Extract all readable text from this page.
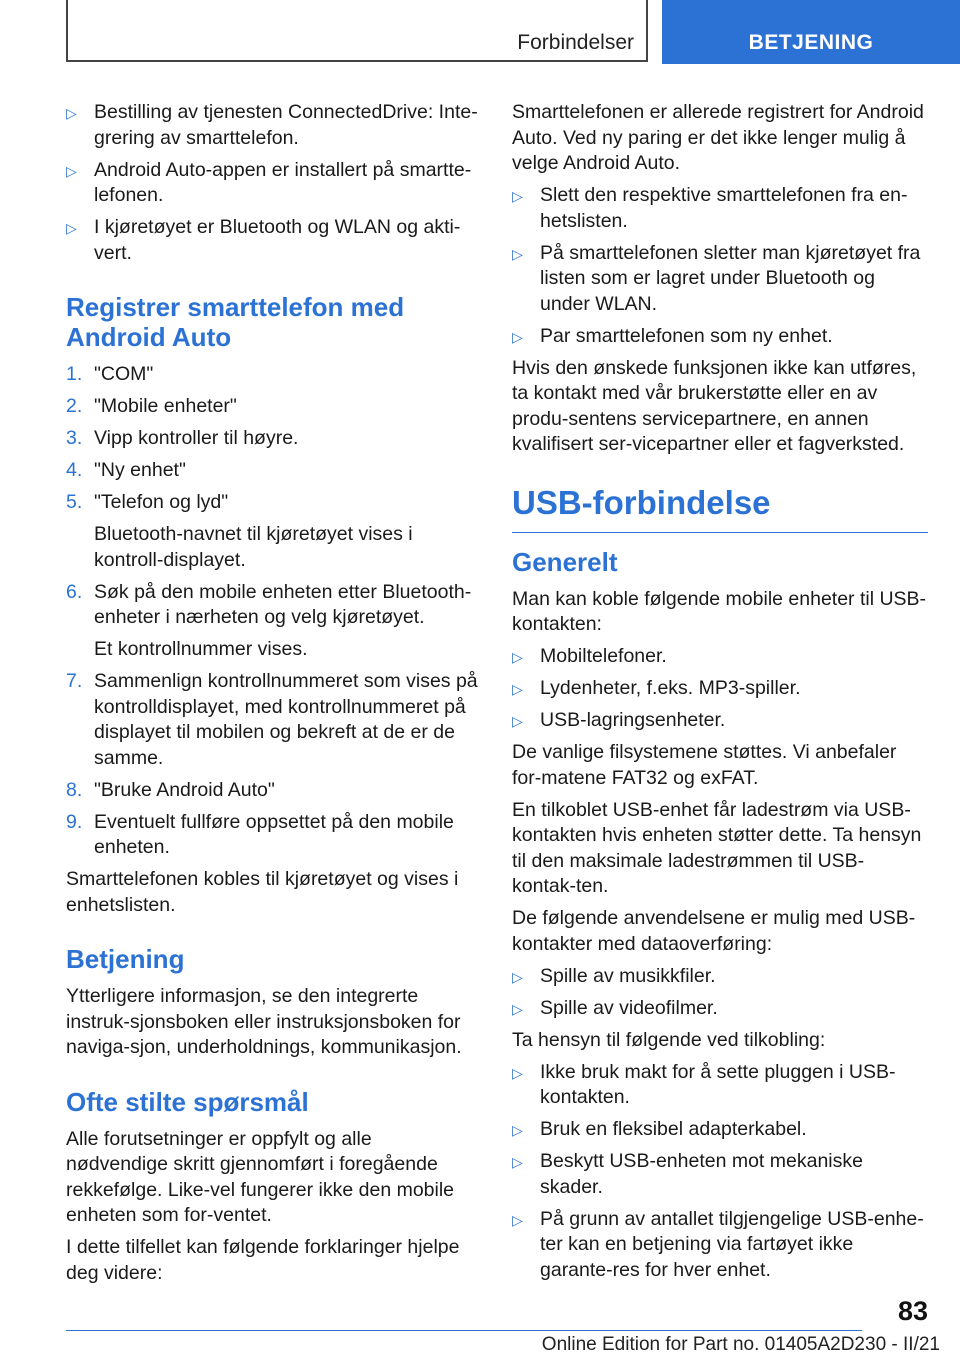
Forbindelser	BETJENING
▷ Bestilling av tjenesten ConnectedDrive: Inte-grering av smarttelefon.
▷ Android Auto-appen er installert på smartte-lefonen.
▷ I kjøretøyet er Bluetooth og WLAN og akti-vert.
Registrer smarttelefon med Android Auto
1. "COM"
2. "Mobile enheter"
3. Vipp kontroller til høyre.
4. "Ny enhet"
5. "Telefon og lyd"
Bluetooth-navnet til kjøretøyet vises i kontroll-displayet.
6. Søk på den mobile enheten etter Bluetooth-enheter i nærheten og velg kjøretøyet.
Et kontrollnummer vises.
7. Sammenlign kontrollnummeret som vises på kontrolldisplayet, med kontrollnummeret på displayet til mobilen og bekreft at de er de samme.
8. "Bruke Android Auto"
9. Eventuelt fullføre oppsettet på den mobile enheten.

Smarttelefonen kobles til kjøretøyet og vises i enhetslisten.

Betjening

Ytterligere informasjon, se den integrerte instruk-sjonsboken eller instruksjonsboken for naviga-sjon, underholdnings, kommunikasjon.

Ofte stilte spørsmål

Alle forutsetninger er oppfylt og alle nødvendige skritt gjennomført i foregående rekkefølge. Like-vel fungerer ikke den mobile enheten som for-ventet.

I dette tilfellet kan følgende forklaringer hjelpe deg videre:

Smarttelefonen er allerede registrert for Android Auto. Ved ny paring er det ikke lenger mulig å velge Android Auto.

▷ Slett den respektive smarttelefonen fra en-hetslisten.
▷ På smarttelefonen sletter man kjøretøyet fra listen som er lagret under Bluetooth og under WLAN.
▷ Par smarttelefonen som ny enhet.

Hvis den ønskede funksjonen ikke kan utføres, ta kontakt med vår brukerstøtte eller en av produ-sentens servicepartnere, en annen kvalifisert ser-vicepartner eller et fagverksted.

USB-forbindelse
Generelt

Man kan koble følgende mobile enheter til USB-kontakten:

▷ Mobiltelefoner.
▷ Lydenheter, f.eks. MP3-spiller.
▷ USB-lagringsenheter.

De vanlige filsystemene støttes. Vi anbefaler for-matene FAT32 og exFAT.

En tilkoblet USB-enhet får ladestrøm via USB-kontakten hvis enheten støtter dette. Ta hensyn til den maksimale ladestrømmen til USB-kontak-ten.

De følgende anvendelsene er mulig med USB-kontakter med dataoverføring:

▷ Spille av musikkfiler.
▷ Spille av videofilmer.

Ta hensyn til følgende ved tilkobling:

▷ Ikke bruk makt for å sette pluggen i USB-kontakten.
▷ Bruk en fleksibel adapterkabel.
▷ Beskytt USB-enheten mot mekaniske skader.
▷ På grunn av antallet tilgjengelige USB-enhe-ter kan en betjening via fartøyet ikke garante-res for hver enhet.
83
Online Edition for Part no. 01405A2D230 - II/21
